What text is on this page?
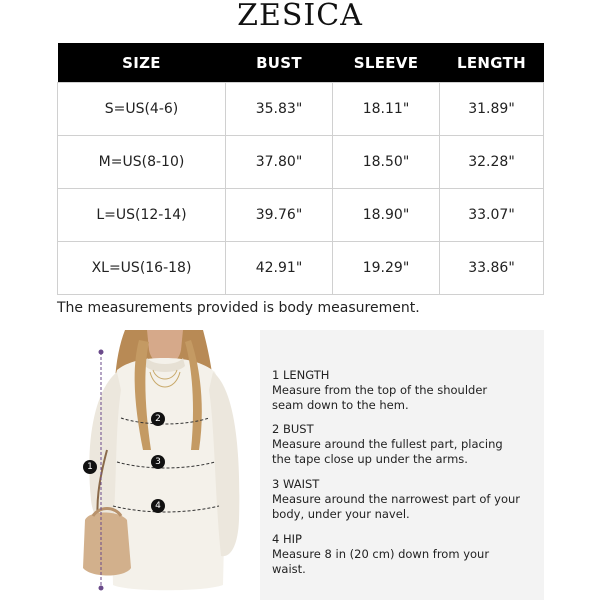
ZESICA
SIZE	BUST	SLEEVE	LENGTH
S=US(4-6)	35.83"	18.11"	31.89"
M=US(8-10)	37.80"	18.50"	32.28"
L=US(12-14)	39.76"	18.90"	33.07"
XL=US(16-18)	42.91"	19.29"	33.86"
The measurements provided is body measurement.
1
2
3
4
1 LENGTH
Measure from the top of the shoulder seam down to the hem.
2 BUST
Measure around the fullest part, placing the tape close up under the arms.
3 WAIST
Measure around the narrowest part of your body, under your navel.
4 HIP
Measure 8 in (20 cm) down from your waist.
